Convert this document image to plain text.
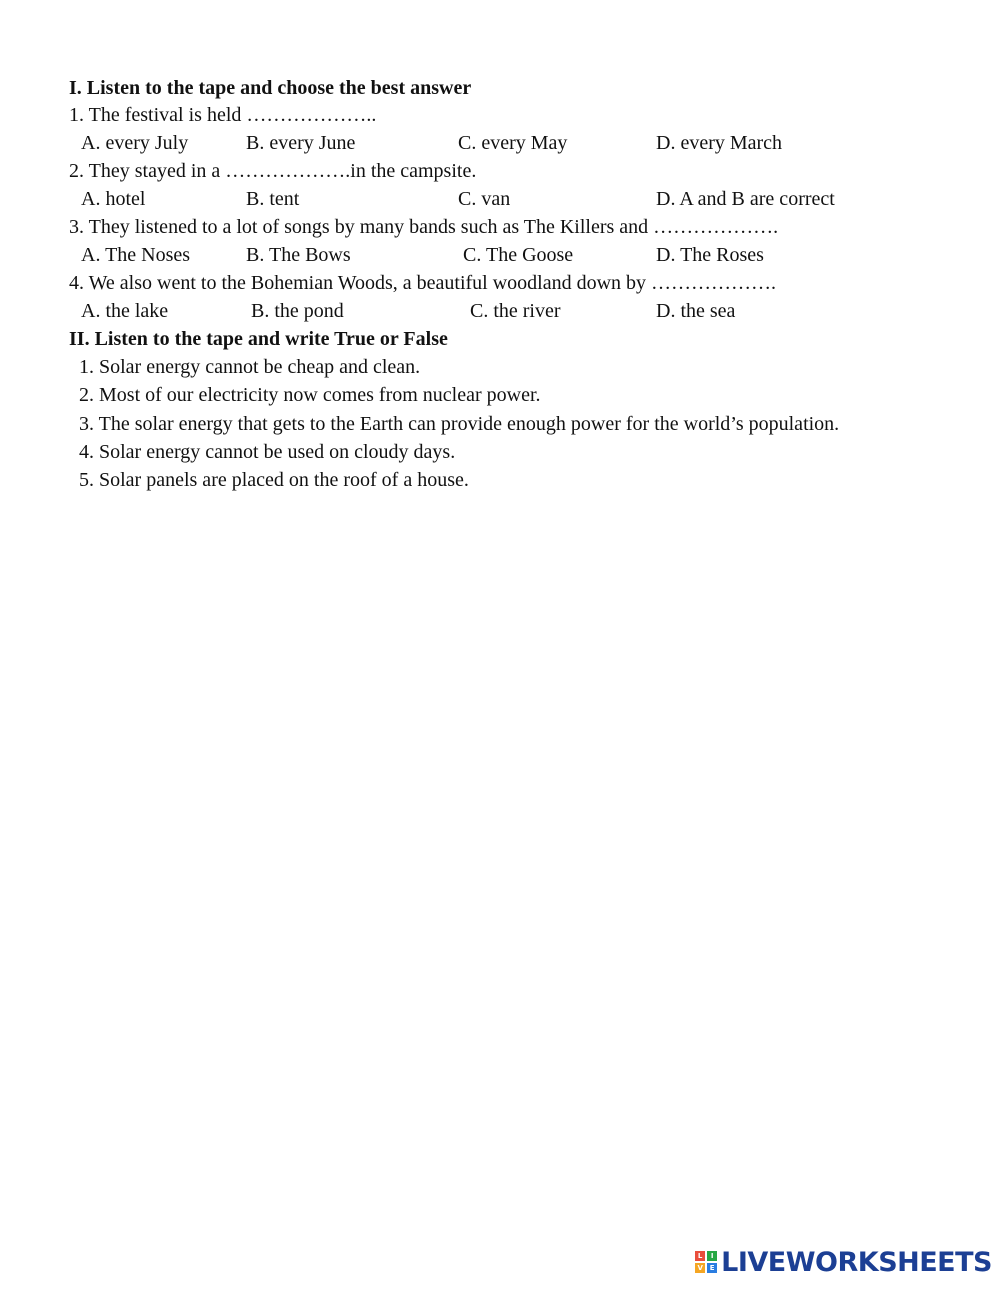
I. Listen to the tape and choose the best answer
1. The festival is held ………………..
A. every July	B. every June	C. every May	D. every March
2. They stayed in a ……………….in the campsite.
A. hotel	B. tent	C. van	D. A and B are correct
3. They listened to a lot of songs by many bands such as The Killers and ……………….
A. The Noses	B. The Bows	C. The Goose	D. The Roses
4. We also went to the Bohemian Woods, a beautiful woodland down by ……………….
A. the lake	B. the pond	C. the river	D. the sea
II. Listen to the tape and write True or False
1. Solar energy cannot be cheap and clean.
2. Most of our electricity now comes from nuclear power.
3. The solar energy that gets to the Earth can provide enough power for the world’s population.
4. Solar energy cannot be used on cloudy days.
5. Solar panels are placed on the roof of a house.
L	I
V E LIVEWORKSHEETS
